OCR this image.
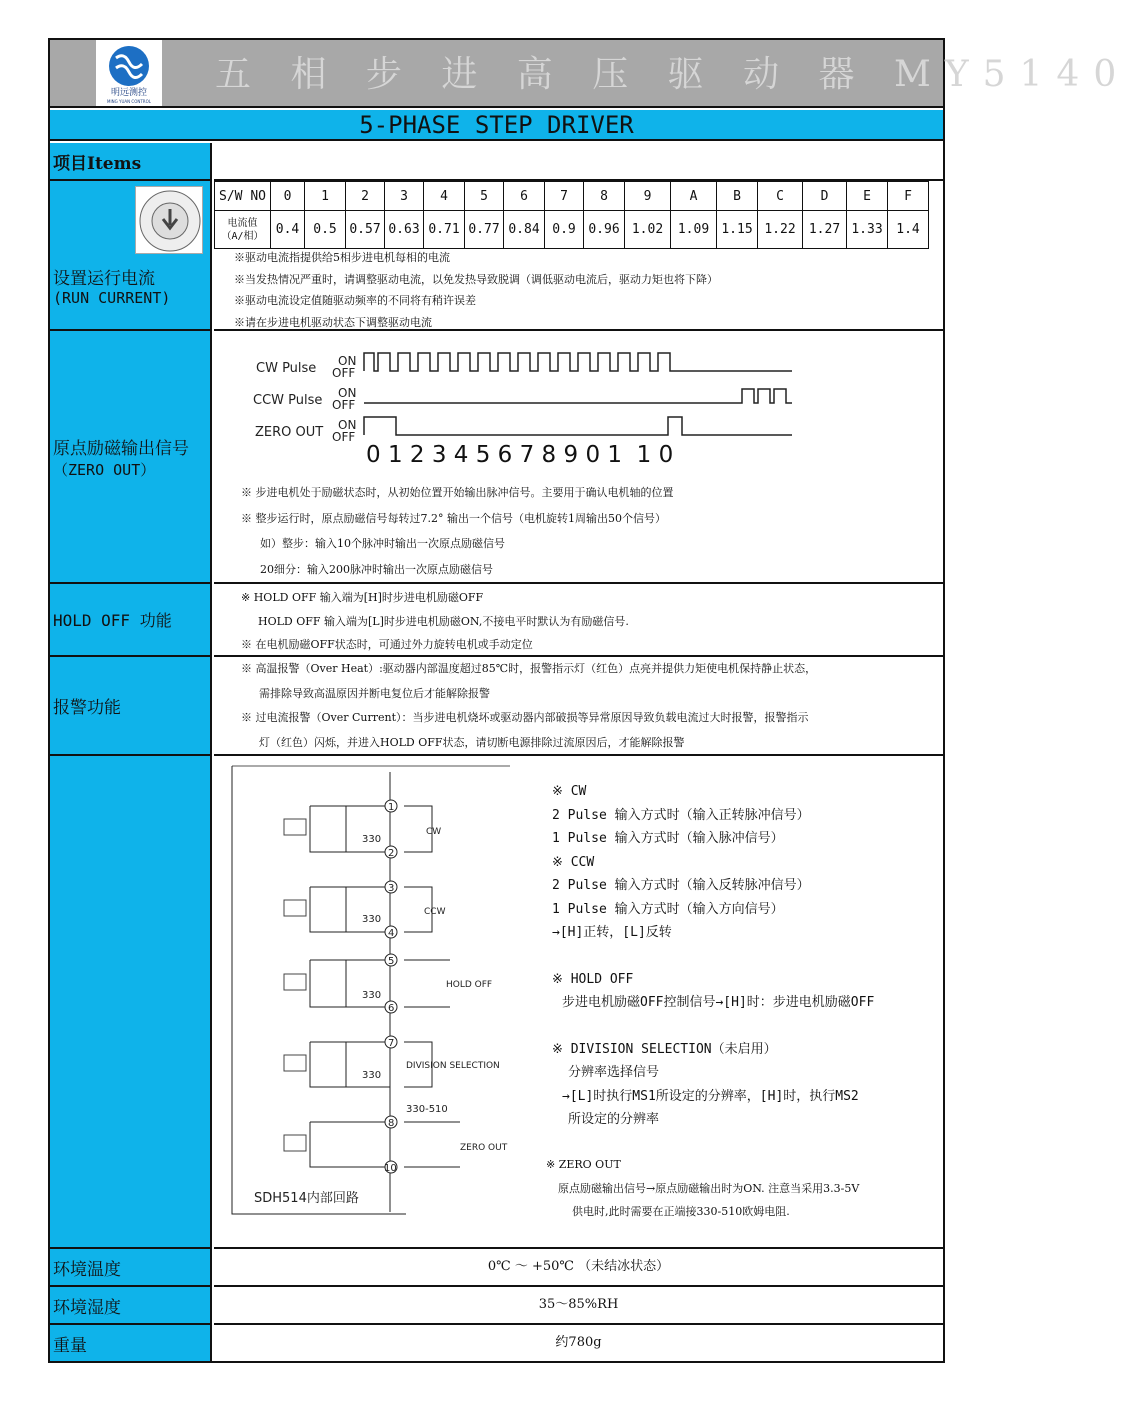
明远测控
MING YUAN CONTROL
五 相 步 进 高 压 驱 动 器 MY5140
5-PHASE STEP DRIVER
项目Items
设置运行电流
(RUN CURRENT)
S/W NO	0	1	2	3	4	5	6	7	8	9	A	B	C	D	E	F

电流值
（A/相）	0.4	0.5	0.57	0.63	0.71	0.77	0.84	0.9	0.96	1.02	1.09	1.15	1.22	1.27	1.33	1.4
※驱动电流指提供给5相步进电机每相的电流
※当发热情况严重时，请调整驱动电流，以免发热导致脱调（调低驱动电流后，驱动力矩也将下降）
※驱动电流设定值随驱动频率的不同将有稍许误差
※请在步进电机驱动状态下调整驱动电流
原点励磁输出信号
（ZERO OUT）
CW Pulse
CCW Pulse
ZERO OUT
ON
OFF
ON
OFF
ON
OFF
0 1 2 3 4 5 6 7 8 9 0 1  1 0
※ 步进电机处于励磁状态时，从初始位置开始输出脉冲信号。主要用于确认电机轴的位置
※ 整步运行时，原点励磁信号每转过7.2° 输出一个信号（电机旋转1周输出50个信号）
如）整步：输入10个脉冲时输出一次原点励磁信号
20细分：输入200脉冲时输出一次原点励磁信号
HOLD OFF 功能
※ HOLD OFF 输入端为[H]时步进电机励磁OFF
HOLD OFF 输入端为[L]时步进电机励磁ON,不接电平时默认为有励磁信号.
※ 在电机励磁OFF状态时，可通过外力旋转电机或手动定位
报警功能
※ 高温报警（Over Heat）:驱动器内部温度超过85℃时，报警指示灯（红色）点亮并提供力矩使电机保持静止状态，
需排除导致高温原因并断电复位后才能解除报警
※ 过电流报警（Over Current）：当步进电机烧坏或驱动器内部破损等异常原因导致负载电流过大时报警，报警指示
灯（红色）闪烁，并进入HOLD OFF状态，请切断电源排除过流原因后，才能解除报警
1
2
3
4
5
6
7
8
10
330
330
330
330
330-510
CW
CCW
HOLD OFF
DIVISION SELECTION
ZERO OUT
SDH514内部回路
※ CW
2 Pulse 输入方式时（输入正转脉冲信号）
1 Pulse 输入方式时（输入脉冲信号）
※ CCW
2 Pulse 输入方式时（输入反转脉冲信号）
1 Pulse 输入方式时（输入方向信号）
→[H]正转，[L]反转
※ HOLD OFF
步进电机励磁OFF控制信号→[H]时：步进电机励磁OFF
※ DIVISION SELECTION（未启用）
分辨率选择信号
→[L]时执行MS1所设定的分辨率，[H]时，执行MS2
所设定的分辨率
※ ZERO OUT
原点励磁输出信号→原点励磁输出时为ON. 注意当采用3.3-5V
供电时,此时需要在正端接330-510欧姆电阻.
环境温度	0℃ ～ +50℃ （未结冰状态）
环境湿度	35～85%RH
重量	约780g
